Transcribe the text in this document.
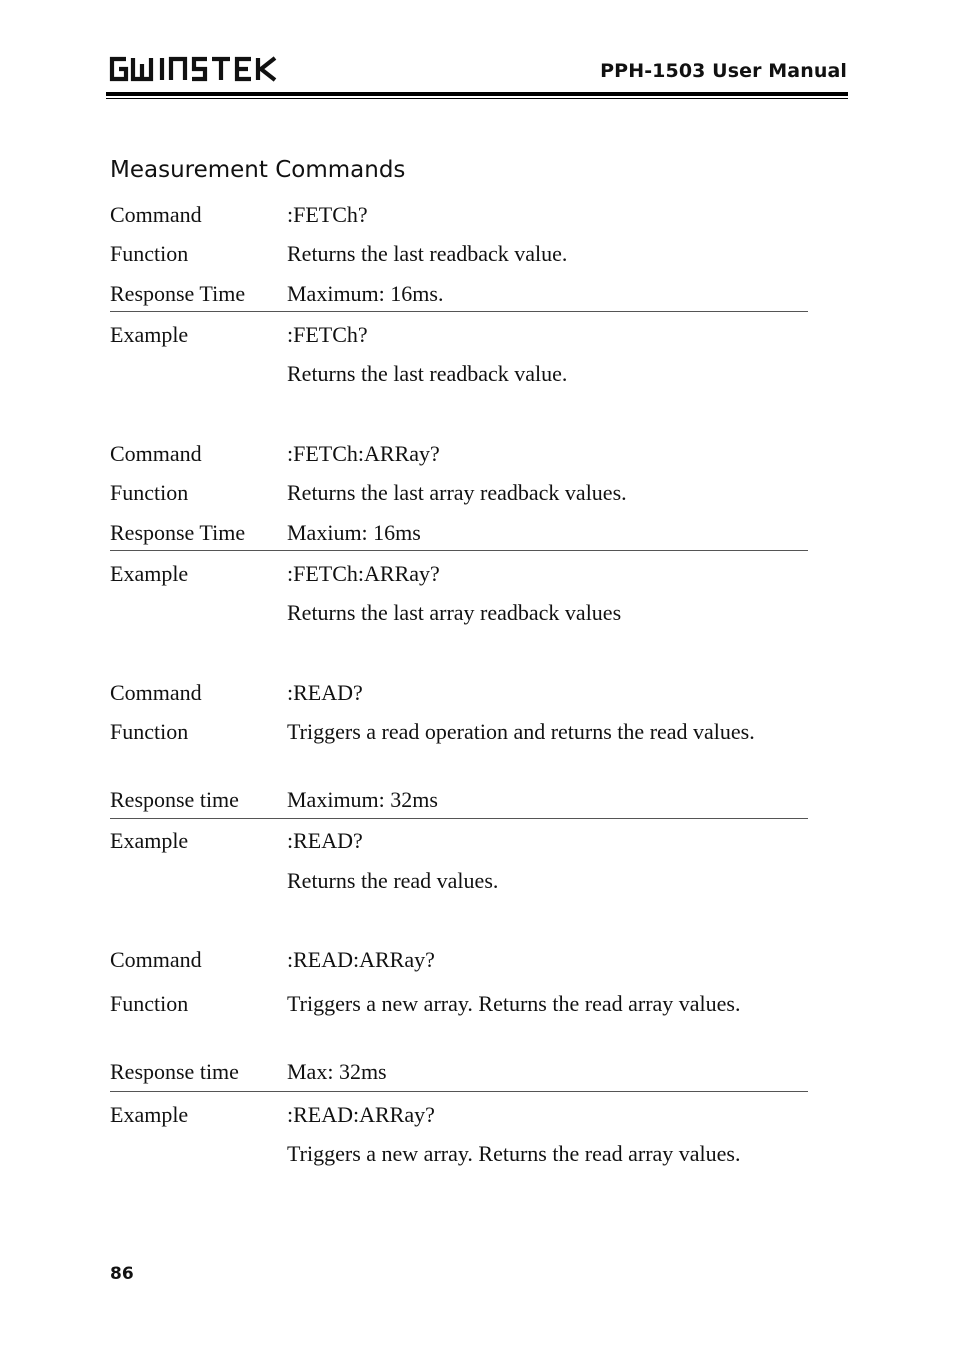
PPH-1503 User Manual
Measurement Commands
Command	:FETCh?
Function	Returns the last readback value.
Response Time Maximum: 16ms.
Example	:FETCh?
Returns the last readback value.
Command	:FETCh:ARRay?
Function	Returns the last array readback values.
Response Time Maxium: 16ms
Example	:FETCh:ARRay?
Returns the last array readback values
Command	:READ?
Function	Triggers a read operation and returns the read values.
Response time Maximum: 32ms
Example	:READ?
Returns the read values.
Command	:READ:ARRay?
Function	Triggers a new array. Returns the read array values.
Response time Max: 32ms
Example	:READ:ARRay?
Triggers a new array. Returns the read array values.
86
